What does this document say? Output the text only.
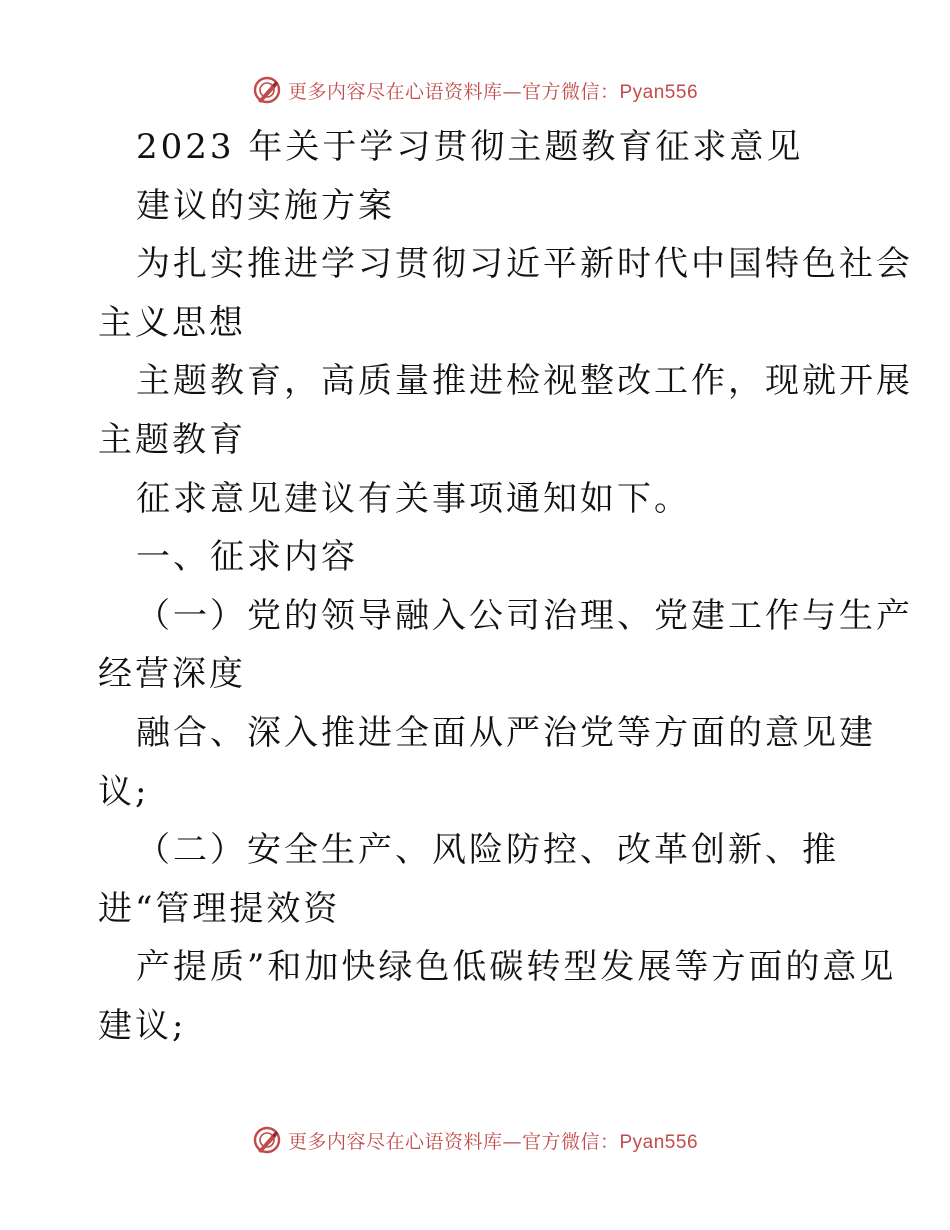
更多内容尽在心语资料库—官方微信：Pyan556
2023 年关于学习贯彻主题教育征求意见
建议的实施方案
为扎实推进学习贯彻习近平新时代中国特色社会
主义思想
主题教育，高质量推进检视整改工作，现就开展
主题教育
征求意见建议有关事项通知如下。
一、征求内容
（一）党的领导融入公司治理、党建工作与生产
经营深度
融合、深入推进全面从严治党等方面的意见建
议;
（二）安全生产、风险防控、改革创新、推
进“管理提效资
产提质”和加快绿色低碳转型发展等方面的意见
建议;
更多内容尽在心语资料库—官方微信：Pyan556
